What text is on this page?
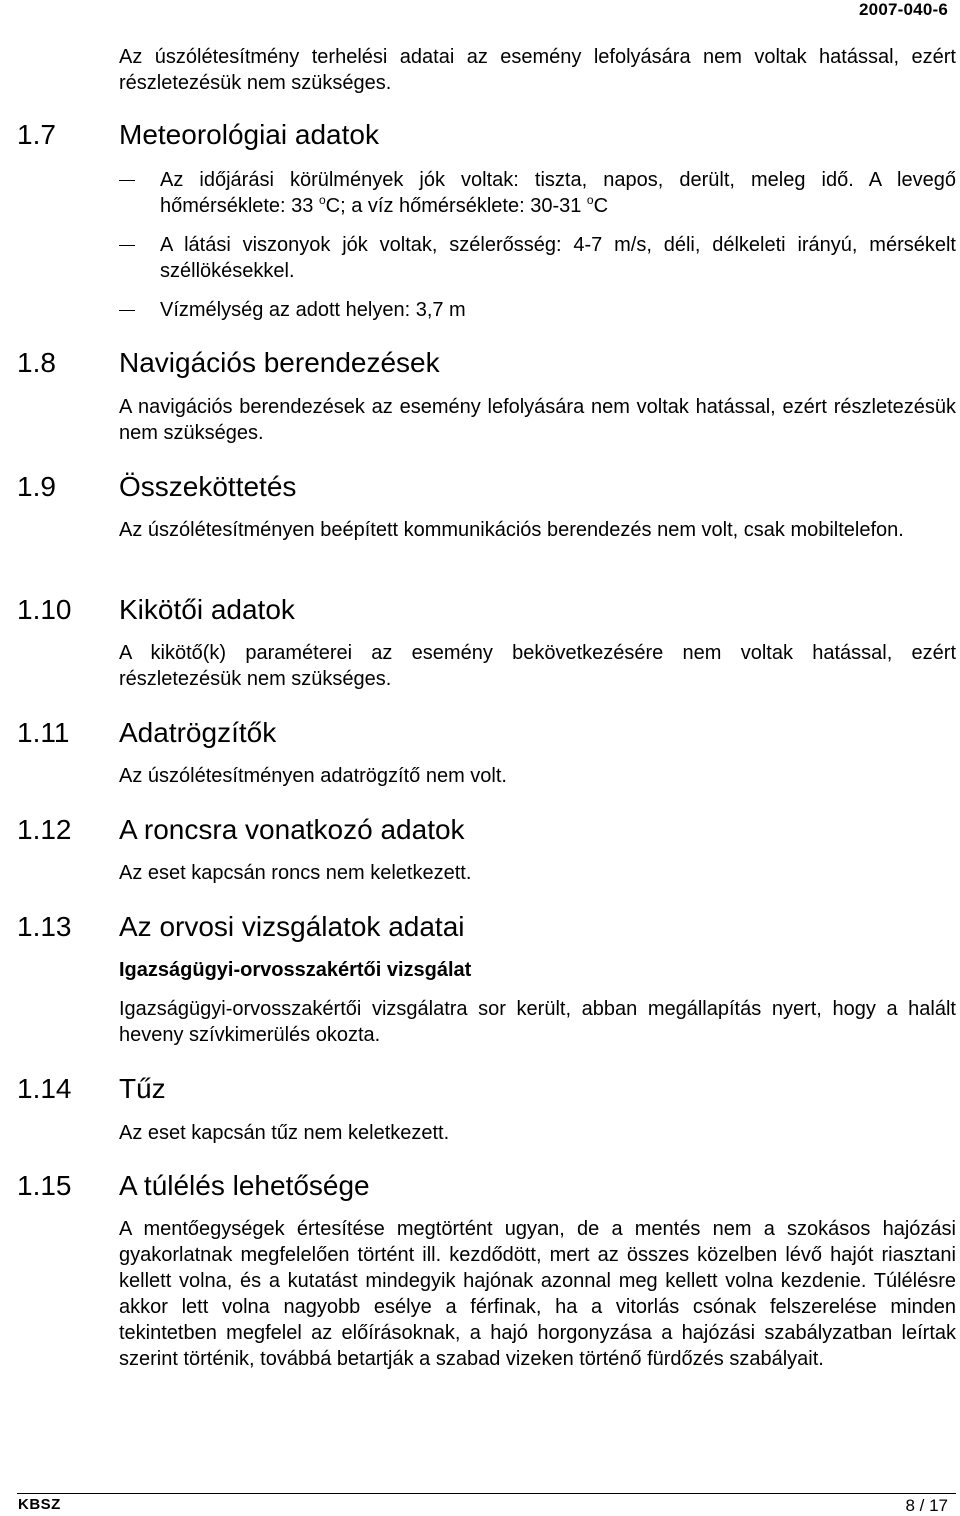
2007-040-6

Az úszólétesítmény terhelési adatai az esemény lefolyására nem voltak hatással, ezért részletezésük nem szükséges.

1.7 Meteorológiai adatok
Az időjárási körülmények jók voltak: tiszta, napos, derült, meleg idő. A levegő hőmérséklete: 33 $^o$C; a víz hőmérséklete: 30-31 $^o$C
A látási viszonyok jók voltak, szélerősség: 4-7 m/s, déli, délkeleti irányú, mérsékelt széllökésekkel.
Vízmélység az adott helyen: 3,7 m
1.8 Navigációs berendezések

A navigációs berendezések az esemény lefolyására nem voltak hatással, ezért részletezésük nem szükséges.

1.9 Összeköttetés

Az úszólétesítményen beépített kommunikációs berendezés nem volt, csak mobiltelefon.

1.10 Kikötői adatok

A kikötő(k) paraméterei az esemény bekövetkezésére nem voltak hatással, ezért részletezésük nem szükséges.

1.11 Adatrögzítők

Az úszólétesítményen adatrögzítő nem volt.

1.12 A roncsra vonatkozó adatok

Az eset kapcsán roncs nem keletkezett.

1.13 Az orvosi vizsgálatok adatai
Igazságügyi-orvosszakértői vizsgálat

Igazságügyi-orvosszakértői vizsgálatra sor került, abban megállapítás nyert, hogy a halált heveny szívkimerülés okozta.

1.14 Tűz

Az eset kapcsán tűz nem keletkezett.

1.15 A túlélés lehetősége

A mentőegységek értesítése megtörtént ugyan, de a mentés nem a szokásos hajózási gyakorlatnak megfelelően történt ill. kezdődött, mert az összes közelben lévő hajót riasztani kellett volna, és a kutatást mindegyik hajónak azonnal meg kellett volna kezdenie. Túlélésre akkor lett volna nagyobb esélye a férfinak, ha a vitorlás csónak felszerelése minden tekintetben megfelel az előírásoknak, a hajó horgonyzása a hajózási szabályzatban leírtak szerint történik, továbbá betartják a szabad vizeken történő fürdőzés szabályait.

KBSZ	8 / 17
